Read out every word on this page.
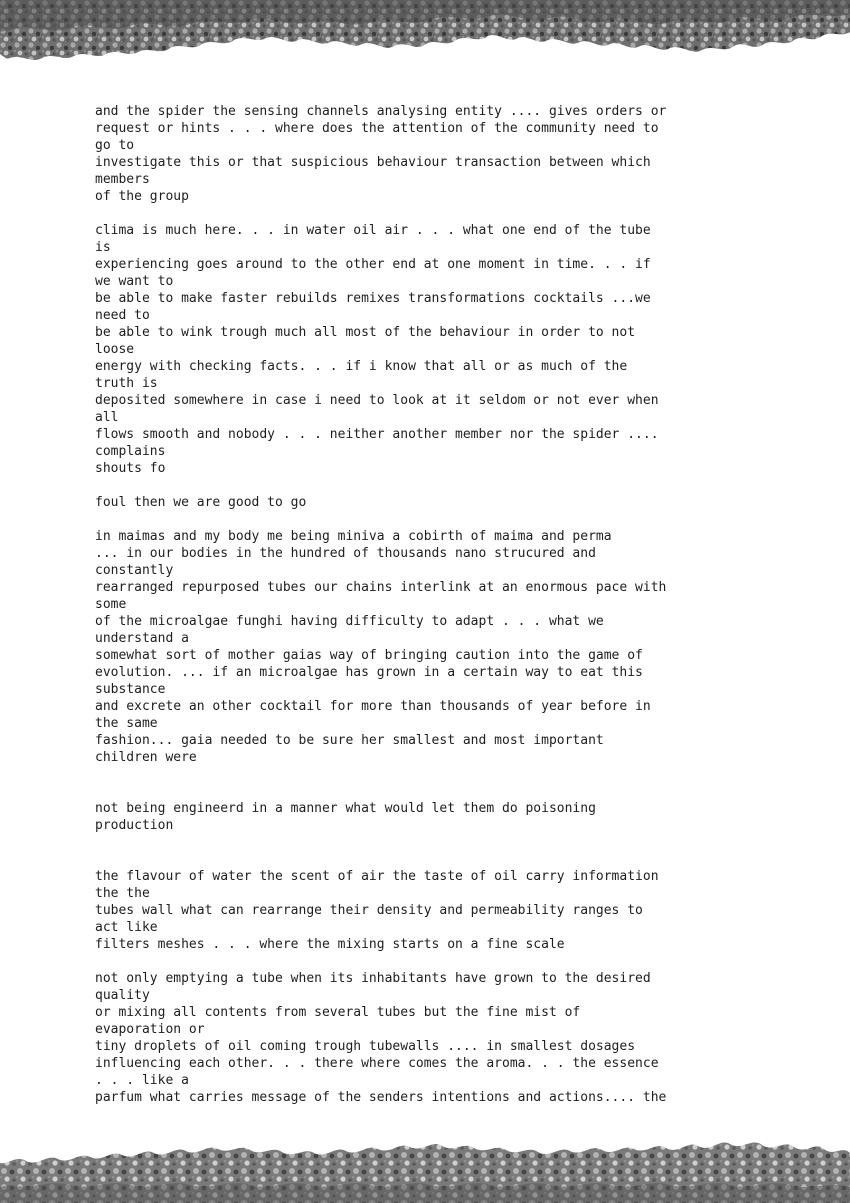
and the spider the sensing channels analysing entity .... gives orders or
request or hints . . . where does the attention of the community need to
go to
investigate this or that suspicious behaviour transaction between which
members
of the group
clima is much here. . . in water oil air . . . what one end of the tube
is
experiencing goes around to the other end at one moment in time. . . if
we want to
be able to make faster rebuilds remixes transformations cocktails ...we
need to
be able to wink trough much all most of the behaviour in order to not
loose
energy with checking facts. . . if i know that all or as much of the
truth is
deposited somewhere in case i need to look at it seldom or not ever when
all
flows smooth and nobody . . . neither another member nor the spider ....
complains
shouts fo
foul then we are good to go
in maimas and my body me being miniva a cobirth of maima and perma
... in our bodies in the hundred of thousands nano strucured and
constantly
rearranged repurposed tubes our chains interlink at an enormous pace with
some
of the microalgae funghi having difficulty to adapt . . . what we
understand a
somewhat sort of mother gaias way of bringing caution into the game of
evolution. ... if an microalgae has grown in a certain way to eat this
substance
and excrete an other cocktail for more than thousands of year before in
the same
fashion... gaia needed to be sure her smallest and most important
children were
not being engineerd in a manner what would let them do poisoning
production
the flavour of water the scent of air the taste of oil carry information
the the
tubes wall what can rearrange their density and permeability ranges to
act like
filters meshes . . . where the mixing starts on a fine scale
not only emptying a tube when its inhabitants have grown to the desired
quality
or mixing all contents from several tubes but the fine mist of
evaporation or
tiny droplets of oil coming trough tubewalls .... in smallest dosages
influencing each other. . . there where comes the aroma. . . the essence
. . . like a
parfum what carries message of the senders intentions and actions.... the
